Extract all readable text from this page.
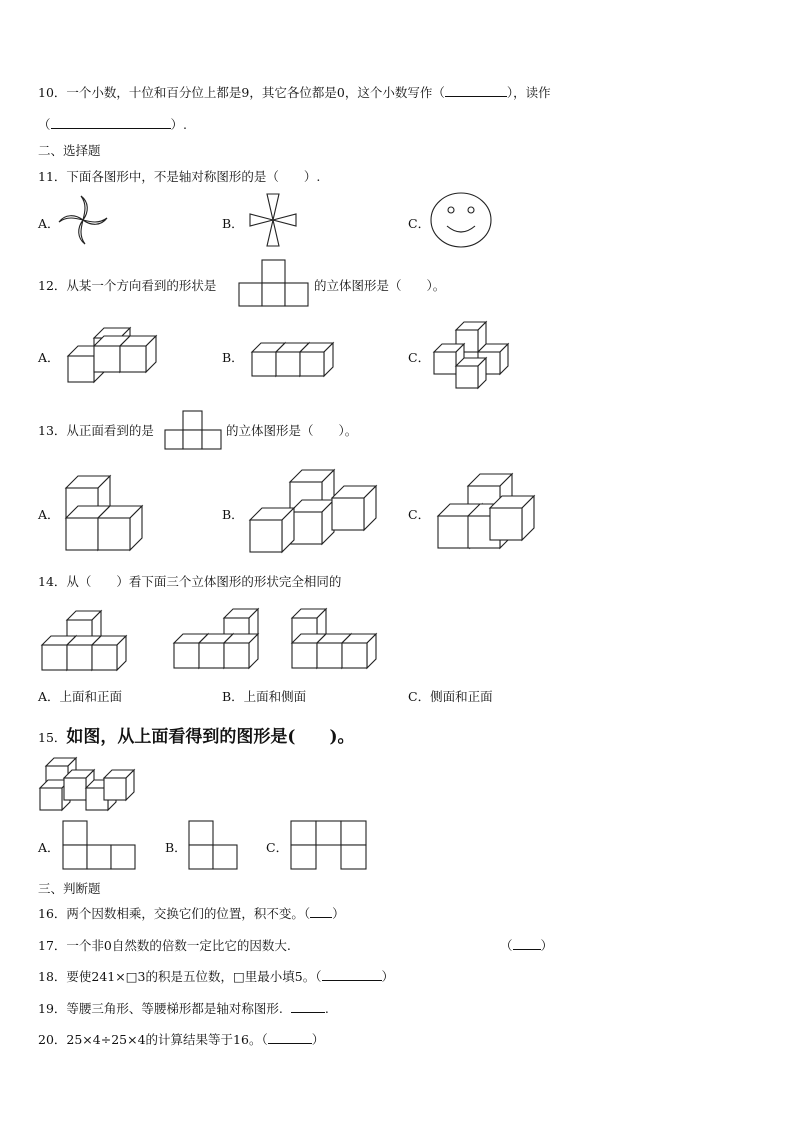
10．一个小数，十位和百分位上都是9，其它各位都是0，这个小数写作（	），读作
（	）.
二、选择题
11．下面各图形中，不是轴对称图形的是（　　）.
A．	B．	C．
12．从某一个方向看到的形状是	的立体图形是（　　）。
A．	B．	C．
13．从正面看到的是	的立体图形是（　　）。
A．	B．	C．
14．从（　　）看下面三个立体图形的形状完全相同的
A．上面和正面	B．上面和侧面	C．侧面和正面
15．如图，从上面看得到的图形是(　　)。
A．	B．	C．
三、判断题
16．两个因数相乘，交换它们的位置，积不变。（ ）
17．一个非0自然数的倍数一定比它的因数大.	（ ）
18．要使241×□3的积是五位数，□里最小填5。（	）
19．等腰三角形、等腰梯形都是轴对称图形.	.
20．25×4÷25×4的计算结果等于16。（	）
